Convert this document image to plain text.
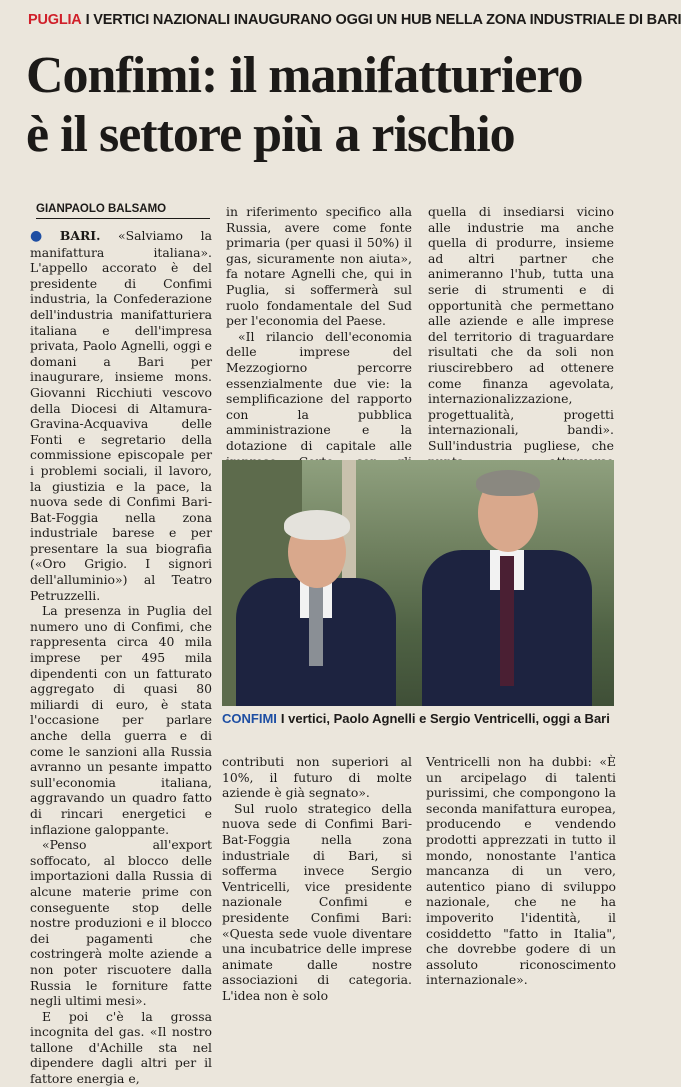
PUGLIA I VERTICI NAZIONALI INAUGURANO OGGI UN HUB NELLA ZONA INDUSTRIALE DI BARI
Confimi: il manifatturiero
è il settore più a rischio
GIANPAOLO BALSAMO

● BARI. «Salviamo la manifattura italiana». L'appello accorato è del presidente di Confimi industria, la Confederazione dell'industria manifatturiera italiana e dell'impresa privata, Paolo Agnelli, oggi e domani a Bari per inaugurare, insieme mons. Giovanni Ricchiuti vescovo della Diocesi di Altamura-Gravina-Acquaviva delle Fonti e segretario della commissione episcopale per i problemi sociali, il lavoro, la giustizia e la pace, la nuova sede di Confimi Bari-Bat-Foggia nella zona industriale barese e per presentare la sua biografia («Oro Grigio. I signori dell'alluminio») al Teatro Petruzzelli.

La presenza in Puglia del numero uno di Confimi, che rappresenta circa 40 mila imprese per 495 mila dipendenti con un fatturato aggregato di quasi 80 miliardi di euro, è stata l'occasione per parlare anche della guerra e di come le sanzioni alla Russia avranno un pesante impatto sull'economia italiana, aggravando un quadro fatto di rincari energetici e inflazione galoppante.

«Penso all'export soffocato, al blocco delle importazioni dalla Russia di alcune materie prime con conseguente stop delle nostre produzioni e il blocco dei pagamenti che costringerà molte aziende a non poter riscuotere dalla Russia le forniture fatte negli ultimi mesi».

E poi c'è la grossa incognita del gas. «Il nostro tallone d'Achille sta nel dipendere dagli altri per il fattore energia e,

in riferimento specifico alla Russia, avere come fonte primaria (per quasi il 50%) il gas, sicuramente non aiuta», fa notare Agnelli che, qui in Puglia, si soffermerà sul ruolo fondamentale del Sud per l'economia del Paese.

«Il rilancio dell'economia delle imprese del Mezzogiorno percorre essenzialmente due vie: la semplificazione del rapporto con la pubblica amministrazione e la dotazione di capitale alle

quella di insediarsi vicino alle industrie ma anche quella di produrre, insieme ad altri partner che animeranno l'hub, tutta una serie di strumenti e di opportunità che permettano alle aziende e alle imprese del territorio di traguardare risultati che da soli non riuscirebbero ad ottenere come finanza agevolata, internazionalizzazione, progettualità, progetti internazionali, bandi». Sull'industria pugliese, che

CONFIMI I vertici, Paolo Agnelli e Sergio Ventricelli, oggi a Bari

contributi non superiori al 10%, il futuro di molte aziende è già segnato».

Sul ruolo strategico della nuova sede di Confimi Bari-Bat-Foggia nella zona industriale di Bari, si sofferma invece Sergio Ventricelli, vice presidente nazionale Confimi e presidente Confimi Bari: «Questa sede vuole diventare una incubatrice delle imprese animate dalle nostre associazioni di categoria. L'idea non è solo

Ventricelli non ha dubbi: «È un arcipelago di talenti purissimi, che compongono la seconda manifattura europea, producendo e vendendo prodotti apprezzati in tutto il mondo, nonostante l'antica mancanza di un vero, autentico piano di sviluppo nazionale, che ne ha impoverito l'identità, il cosiddetto "fatto in Italia", che dovrebbe godere di un assoluto riconoscimento internazionale».
